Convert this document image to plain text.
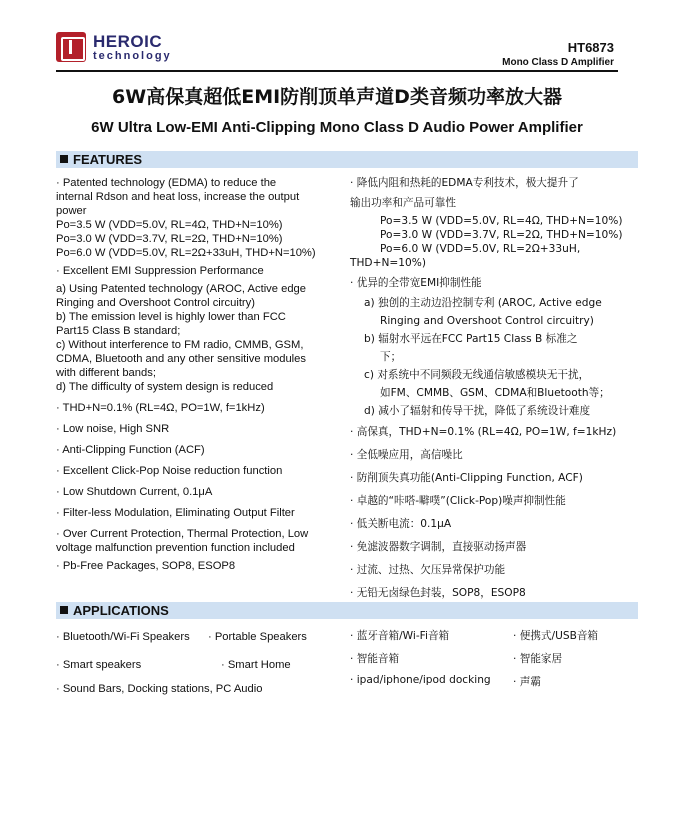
HEROIC
technology
HT6873
Mono Class D Amplifier
6W高保真超低EMI防削顶单声道D类音频功率放大器
6W Ultra Low-EMI Anti-Clipping Mono Class D Audio Power Amplifier
FEATURES

· Patented technology (EDMA) to reduce the

internal Rdson and heat loss, increase the output

power

Po=3.5 W (VDD=5.0V, RL=4Ω, THD+N=10%)

Po=3.0 W (VDD=3.7V, RL=2Ω, THD+N=10%)

Po=6.0 W (VDD=5.0V, RL=2Ω+33uH, THD+N=10%)

· Excellent EMI Suppression Performance

a) Using Patented technology (AROC, Active edge

Ringing and Overshoot Control circuitry)

b) The emission level is highly lower than FCC

Part15 Class B standard;

c) Without interference to FM radio, CMMB, GSM,

CDMA, Bluetooth and any other sensitive modules

with different bands;

d) The difficulty of system design is reduced

· THD+N=0.1% (RL=4Ω, PO=1W, f=1kHz)

· Low noise, High SNR

· Anti-Clipping Function (ACF)

· Excellent Click-Pop Noise reduction function

· Low Shutdown Current, 0.1μA

· Filter-less Modulation, Eliminating Output Filter

· Over Current Protection, Thermal Protection, Low

voltage malfunction prevention function included

· Pb-Free Packages, SOP8, ESOP8

· 降低内阻和热耗的EDMA专利技术，极大提升了

输出功率和产品可靠性

Po=3.5 W (VDD=5.0V, RL=4Ω, THD+N=10%)

Po=3.0 W (VDD=3.7V, RL=2Ω, THD+N=10%)

Po=6.0 W (VDD=5.0V, RL=2Ω+33uH,

THD+N=10%)

· 优异的全带宽EMI抑制性能

a) 独创的主动边沿控制专利 (AROC, Active edge

Ringing and Overshoot Control circuitry)

b) 辐射水平远在FCC Part15 Class B 标准之

下；

c) 对系统中不同频段无线通信敏感模块无干扰，

如FM、CMMB、GSM、CDMA和Bluetooth等；

d) 减小了辐射和传导干扰，降低了系统设计难度

· 高保真，THD+N=0.1% (RL=4Ω, PO=1W, f=1kHz)

· 全低噪应用，高信噪比

· 防削顶失真功能(Anti-Clipping Function, ACF)

· 卓越的“咔嗒-噼噗”(Click-Pop)噪声抑制性能

· 低关断电流：0.1μA

· 免滤波器数字调制，直接驱动扬声器

· 过流、过热、欠压异常保护功能

· 无铅无卤绿色封装，SOP8，ESOP8

APPLICATIONS
· Bluetooth/Wi-Fi Speakers · Portable Speakers
· Smart speakers	· Smart Home
· Sound Bars, Docking stations, PC Audio
· 蓝牙音箱/Wi-Fi音箱	· 便携式/USB音箱
· 智能音箱	· 智能家居
· ipad/iphone/ipod docking · 声霸
